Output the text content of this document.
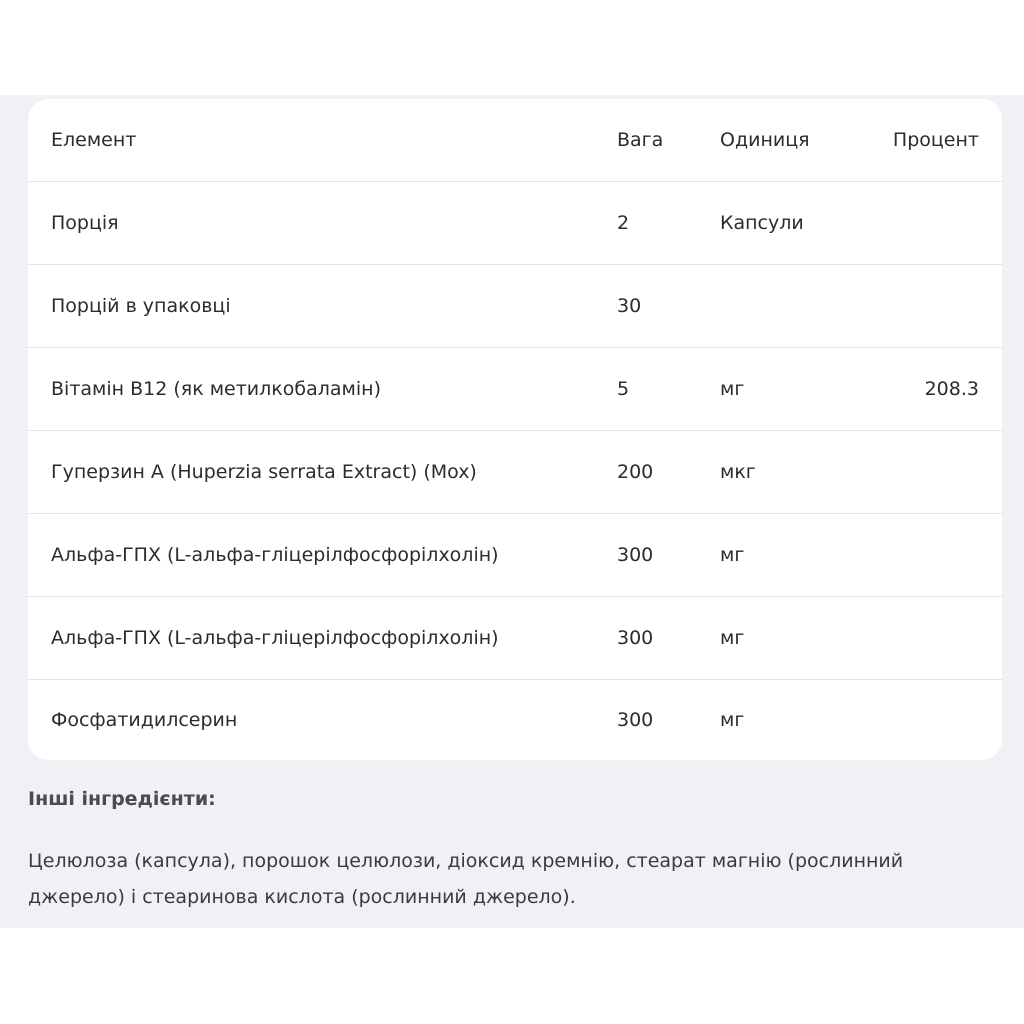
Елемент	Вага	Одиниця	Процент
Порція	2	Капсули
Порцій в упаковці	30
Вітамін B12 (як метилкобаламін)	5	мг	208.3
Гуперзин А (Huperzia serrata Extract) (Mox)	200	мкг
Альфа-ГПХ (L-альфа-гліцерілфосфорілхолін)	300	мг
Альфа-ГПХ (L-альфа-гліцерілфосфорілхолін)	300	мг
Фосфатидилсерин	300	мг
Інші інгредієнти:
Целюлоза (капсула), порошок целюлози, діоксид кремнію, стеарат магнію (рослинний джерело) і стеаринова кислота (рослинний джерело).
